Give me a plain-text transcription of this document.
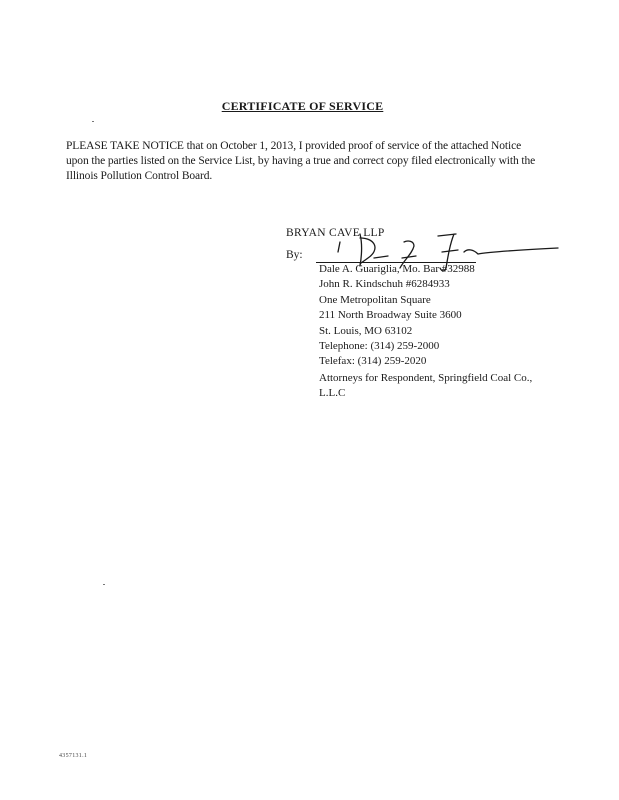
CERTIFICATE OF SERVICE
PLEASE TAKE NOTICE that on October 1, 2013, I provided proof of service of the attached Notice upon the parties listed on the Service List, by having a true and correct copy filed electronically with the Illinois Pollution Control Board.
BRYAN CAVE LLP
By:
Dale A. Guariglia, Mo. Bar #32988
John R. Kindschuh #6284933
One Metropolitan Square
211 North Broadway Suite 3600
St. Louis, MO 63102
Telephone: (314) 259-2000
Telefax: (314) 259-2020
Attorneys for Respondent, Springfield Coal Co., L.L.C
4357131.1
